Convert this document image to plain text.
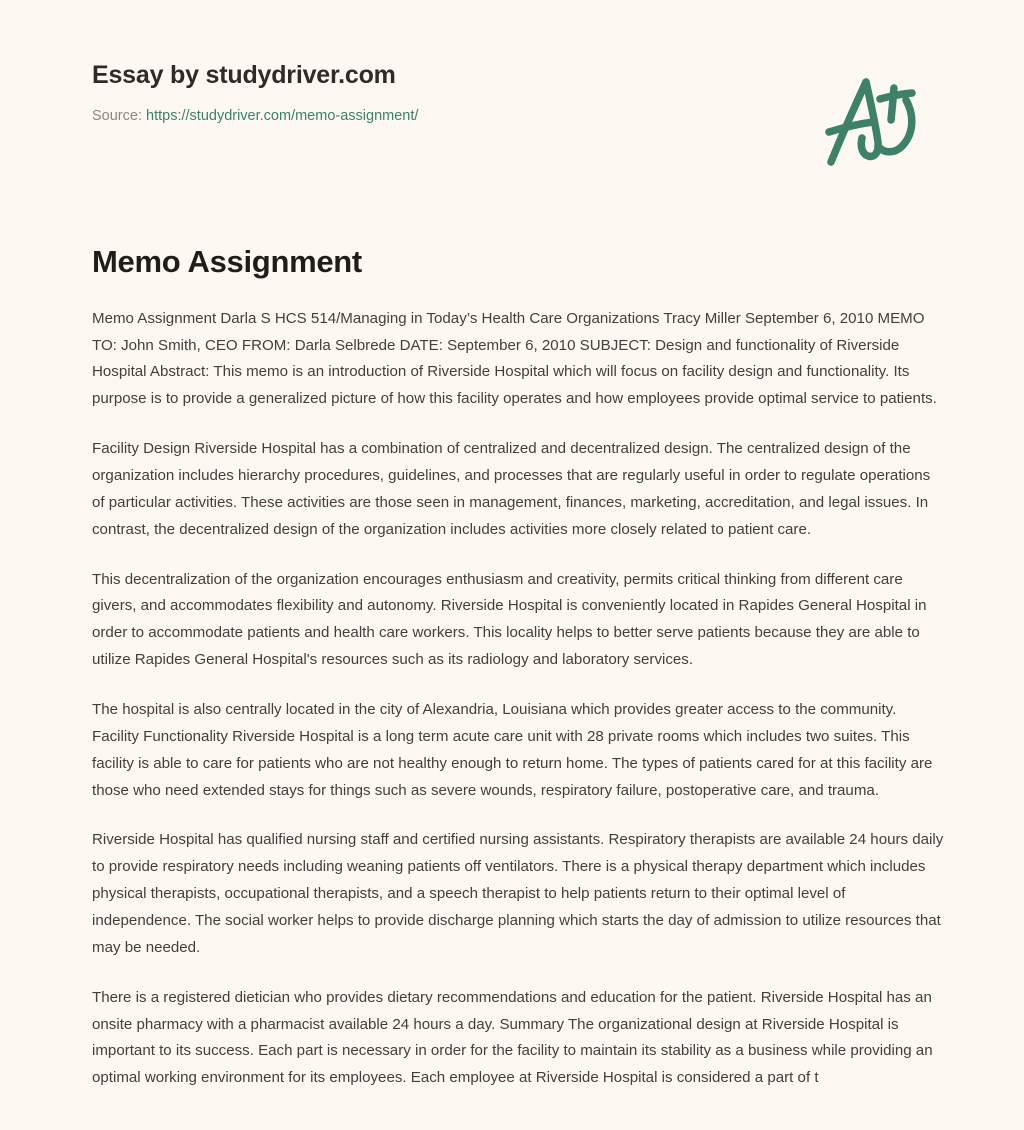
Essay by studydriver.com
Source: https://studydriver.com/memo-assignment/
Memo Assignment

Memo Assignment Darla S HCS 514/Managing in Today’s Health Care Organizations Tracy Miller September 6, 2010 MEMO TO: John Smith, CEO FROM: Darla Selbrede DATE: September 6, 2010 SUBJECT: Design and functionality of Riverside Hospital Abstract: This memo is an introduction of Riverside Hospital which will focus on facility design and functionality. Its purpose is to provide a generalized picture of how this facility operates and how employees provide optimal service to patients.

Facility Design Riverside Hospital has a combination of centralized and decentralized design. The centralized design of the organization includes hierarchy procedures, guidelines, and processes that are regularly useful in order to regulate operations of particular activities. These activities are those seen in management, finances, marketing, accreditation, and legal issues. In contrast, the decentralized design of the organization includes activities more closely related to patient care.

This decentralization of the organization encourages enthusiasm and creativity, permits critical thinking from different care givers, and accommodates flexibility and autonomy. Riverside Hospital is conveniently located in Rapides General Hospital in order to accommodate patients and health care workers. This locality helps to better serve patients because they are able to utilize Rapides General Hospital's resources such as its radiology and laboratory services.

The hospital is also centrally located in the city of Alexandria, Louisiana which provides greater access to the community. Facility Functionality Riverside Hospital is a long term acute care unit with 28 private rooms which includes two suites. This facility is able to care for patients who are not healthy enough to return home. The types of patients cared for at this facility are those who need extended stays for things such as severe wounds, respiratory failure, postoperative care, and trauma.

Riverside Hospital has qualified nursing staff and certified nursing assistants. Respiratory therapists are available 24 hours daily to provide respiratory needs including weaning patients off ventilators. There is a physical therapy department which includes physical therapists, occupational therapists, and a speech therapist to help patients return to their optimal level of independence. The social worker helps to provide discharge planning which starts the day of admission to utilize resources that may be needed.

There is a registered dietician who provides dietary recommendations and education for the patient. Riverside Hospital has an onsite pharmacy with a pharmacist available 24 hours a day. Summary The organizational design at Riverside Hospital is important to its success. Each part is necessary in order for the facility to maintain its stability as a business while providing an optimal working environment for its employees. Each employee at Riverside Hospital is considered a part of t
